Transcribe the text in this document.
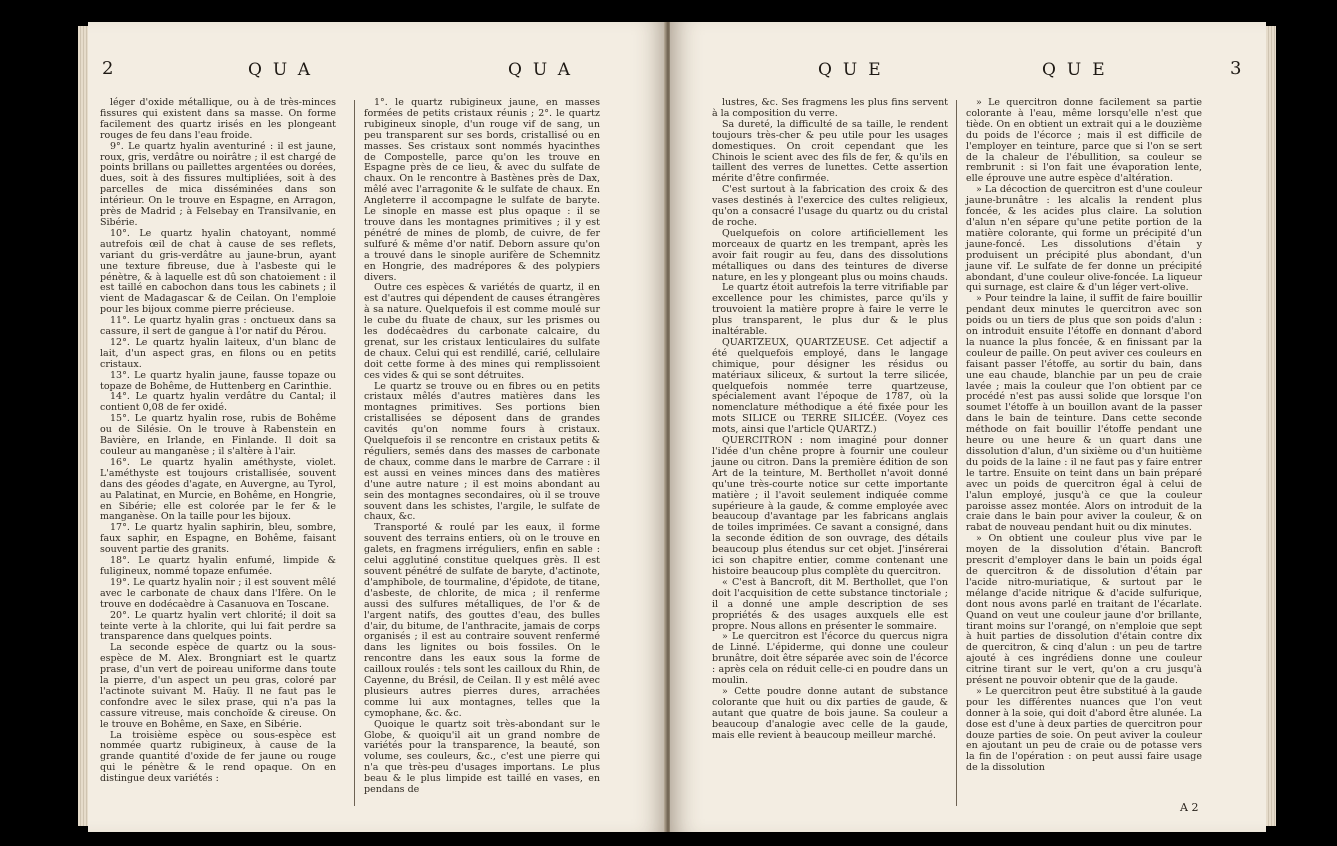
2	QUA	QUA

léger d'oxide métallique, ou à de très-minces fissures qui existent dans sa masse. On forme facilement des quartz irisés en les plongeant rouges de feu dans l'eau froide.

9°. Le quartz hyalin aventuriné : il est jaune, roux, gris, verdâtre ou noirâtre ; il est chargé de points brillans ou paillettes argentées ou dorées, dues, soit à des fissures multipliées, soit à des parcelles de mica disséminées dans son intérieur. On le trouve en Espagne, en Arragon, près de Madrid ; à Felsebay en Transilvanie, en Sibérie.

10°. Le quartz hyalin chatoyant, nommé autrefois œil de chat à cause de ses reflets, variant du gris-verdâtre au jaune-brun, ayant une texture fibreuse, due à l'asbeste qui le pénètre, & à laquelle est dû son chatoiement : il est taillé en cabochon dans tous les cabinets ; il vient de Madagascar & de Ceilan. On l'emploie pour les bijoux comme pierre précieuse.

11°. Le quartz hyalin gras : onctueux dans sa cassure, il sert de gangue à l'or natif du Pérou.

12°. Le quartz hyalin laiteux, d'un blanc de lait, d'un aspect gras, en filons ou en petits cristaux.

13°. Le quartz hyalin jaune, fausse topaze ou topaze de Bohême, de Huttenberg en Carinthie.

14°. Le quartz hyalin verdâtre du Cantal; il contient 0,08 de fer oxidé.

15°. Le quartz hyalin rose, rubis de Bohême ou de Silésie. On le trouve à Rabenstein en Bavière, en Irlande, en Finlande. Il doit sa couleur au manganèse ; il s'altère à l'air.

16°. Le quartz hyalin améthyste, violet. L'améthyste est toujours cristallisée, souvent dans des géodes d'agate, en Auvergne, au Tyrol, au Palatinat, en Murcie, en Bohême, en Hongrie, en Sibérie; elle est colorée par le fer & le manganèse. On la taille pour les bijoux.

17°. Le quartz hyalin saphirin, bleu, sombre, faux saphir, en Espagne, en Bohême, faisant souvent partie des granits.

18°. Le quartz hyalin enfumé, limpide & fuligineux, nommé topaze enfumée.

19°. Le quartz hyalin noir ; il est souvent mêlé avec le carbonate de chaux dans l'Ifère. On le trouve en dodécaèdre à Casanuova en Toscane.

20°. Le quartz hyalin vert chlorité; il doit sa teinte verte à la chlorite, qui lui fait perdre sa transparence dans quelques points.

La seconde espèce de quartz ou la sous-espèce de M. Alex. Brongniart est le quartz prase, d'un vert de poireau uniforme dans toute la pierre, d'un aspect un peu gras, coloré par l'actinote suivant M. Haüy. Il ne faut pas le confondre avec le silex prase, qui n'a pas la cassure vitreuse, mais conchoïde & cireuse. On le trouve en Bohême, en Saxe, en Sibérie.

La troisième espèce ou sous-espèce est nommée quartz rubigineux, à cause de la grande quantité d'oxide de fer jaune ou rouge qui le pénètre & le rend opaque. On en distingue deux variétés :

1°. le quartz rubigineux jaune, en masses formées de petits cristaux réunis ; 2°. le quartz rubigineux sinople, d'un rouge vif de sang, un peu transparent sur ses bords, cristallisé ou en masses. Ses cristaux sont nommés hyacinthes de Compostelle, parce qu'on les trouve en Espagne près de ce lieu, & avec du sulfate de chaux. On le rencontre à Bastènes près de Dax, mêlé avec l'arragonite & le sulfate de chaux. En Angleterre il accompagne le sulfate de baryte. Le sinople en masse est plus opaque : il se trouve dans les montagnes primitives ; il y est pénétré de mines de plomb, de cuivre, de fer sulfuré & même d'or natif. Deborn assure qu'on a trouvé dans le sinople aurifère de Schemnitz en Hongrie, des madrépores & des polypiers divers.

Outre ces espèces & variétés de quartz, il en est d'autres qui dépendent de causes étrangères à sa nature. Quelquefois il est comme moulé sur le cube du fluate de chaux, sur les prismes ou les dodécaèdres du carbonate calcaire, du grenat, sur les cristaux lenticulaires du sulfate de chaux. Celui qui est rendillé, carié, cellulaire doit cette forme à des mines qui remplissoient ces vides & qui se sont détruites.

Le quartz se trouve ou en fibres ou en petits cristaux mêlés d'autres matières dans les montagnes primitives. Ses portions bien cristallisées se déposent dans de grandes cavités qu'on nomme fours à cristaux. Quelquefois il se rencontre en cristaux petits & réguliers, semés dans des masses de carbonate de chaux, comme dans le marbre de Carrare : il est aussi en veines minces dans des matières d'une autre nature ; il est moins abondant au sein des montagnes secondaires, où il se trouve souvent dans les schistes, l'argile, le sulfate de chaux, &c.

Transporté & roulé par les eaux, il forme souvent des terrains entiers, où on le trouve en galets, en fragmens irréguliers, enfin en sable : celui agglutiné constitue quelques grès. Il est souvent pénétré de sulfate de baryte, d'actinote, d'amphibole, de tourmaline, d'épidote, de titane, d'asbeste, de chlorite, de mica ; il renferme aussi des sulfures métalliques, de l'or & de l'argent natifs, des gouttes d'eau, des bulles d'air, du bitume, de l'anthracite, jamais de corps organisés ; il est au contraire souvent renfermé dans les lignites ou bois fossiles. On le rencontre dans les eaux sous la forme de cailloux roulés : tels sont les cailloux du Rhin, de Cayenne, du Brésil, de Ceilan. Il y est mêlé avec plusieurs autres pierres dures, arrachées comme lui aux montagnes, telles que la cymophane, &c. &c.

Quoique le quartz soit très-abondant sur le Globe, & quoiqu'il ait un grand nombre de variétés pour la transparence, la beauté, son volume, ses couleurs, &c., c'est une pierre qui n'a que très-peu d'usages importans. Le plus beau & le plus limpide est taillé en vases, en pendans de

QUE	QUE	3

lustres, &c. Ses fragmens les plus fins servent à la composition du verre.

Sa dureté, la difficulté de sa taille, le rendent toujours très-cher & peu utile pour les usages domestiques. On croit cependant que les Chinois le scient avec des fils de fer, & qu'ils en taillent des verres de lunettes. Cette assertion mérite d'être confirmée.

C'est surtout à la fabrication des croix & des vases destinés à l'exercice des cultes religieux, qu'on a consacré l'usage du quartz ou du cristal de roche.

Quelquefois on colore artificiellement les morceaux de quartz en les trempant, après les avoir fait rougir au feu, dans des dissolutions métalliques ou dans des teintures de diverse nature, en les y plongeant plus ou moins chauds.

Le quartz étoit autrefois la terre vitrifiable par excellence pour les chimistes, parce qu'ils y trouvoient la matière propre à faire le verre le plus transparent, le plus dur & le plus inaltérable.

QUARTZEUX, QUARTZEUSE. Cet adjectif a été quelquefois employé, dans le langage chimique, pour désigner les résidus ou matériaux siliceux, & surtout la terre silicée, quelquefois nommée terre quartzeuse, spécialement avant l'époque de 1787, où la nomenclature méthodique a été fixée pour les mots SILICE ou TERRE SILICÉE. (Voyez ces mots, ainsi que l'article QUARTZ.)

QUERCITRON : nom imaginé pour donner l'idée d'un chêne propre à fournir une couleur jaune ou citron. Dans la première édition de son Art de la teinture, M. Berthollet n'avoit donné qu'une très-courte notice sur cette importante matière ; il l'avoit seulement indiquée comme supérieure à la gaude, & comme employée avec beaucoup d'avantage par les fabricans anglais de toiles imprimées. Ce savant a consigné, dans la seconde édition de son ouvrage, des détails beaucoup plus étendus sur cet objet. J'insérerai ici son chapitre entier, comme contenant une histoire beaucoup plus complète du quercitron.

« C'est à Bancroft, dit M. Berthollet, que l'on doit l'acquisition de cette substance tinctoriale ; il a donné une ample description de ses propriétés & des usages auxquels elle est propre. Nous allons en présenter le sommaire.

» Le quercitron est l'écorce du quercus nigra de Linné. L'épiderme, qui donne une couleur brunâtre, doit être séparée avec soin de l'écorce : après cela on réduit celle-ci en poudre dans un moulin.

» Cette poudre donne autant de substance colorante que huit ou dix parties de gaude, & autant que quatre de bois jaune. Sa couleur a beaucoup d'analogie avec celle de la gaude, mais elle revient à beaucoup meilleur marché.

» Le quercitron donne facilement sa partie colorante à l'eau, même lorsqu'elle n'est que tiède. On en obtient un extrait qui a le douzième du poids de l'écorce ; mais il est difficile de l'employer en teinture, parce que si l'on se sert de la chaleur de l'ébullition, sa couleur se rembrunit : si l'on fait une évaporation lente, elle éprouve une autre espèce d'altération.

» La décoction de quercitron est d'une couleur jaune-brunâtre : les alcalis la rendent plus foncée, & les acides plus claire. La solution d'alun n'en sépare qu'une petite portion de la matière colorante, qui forme un précipité d'un jaune-foncé. Les dissolutions d'étain y produisent un précipité plus abondant, d'un jaune vif. Le sulfate de fer donne un précipité abondant, d'une couleur olive-foncée. La liqueur qui surnage, est claire & d'un léger vert-olive.

» Pour teindre la laine, il suffit de faire bouillir pendant deux minutes le quercitron avec son poids ou un tiers de plus que son poids d'alun : on introduit ensuite l'étoffe en donnant d'abord la nuance la plus foncée, & en finissant par la couleur de paille. On peut aviver ces couleurs en faisant passer l'étoffe, au sortir du bain, dans une eau chaude, blanchie par un peu de craie lavée ; mais la couleur que l'on obtient par ce procédé n'est pas aussi solide que lorsque l'on soumet l'étoffe à un bouillon avant de la passer dans le bain de teinture. Dans cette seconde méthode on fait bouillir l'étoffe pendant une heure ou une heure & un quart dans une dissolution d'alun, d'un sixième ou d'un huitième du poids de la laine : il ne faut pas y faire entrer le tartre. Ensuite on teint dans un bain préparé avec un poids de quercitron égal à celui de l'alun employé, jusqu'à ce que la couleur paroisse assez montée. Alors on introduit de la craie dans le bain pour aviver la couleur, & on rabat de nouveau pendant huit ou dix minutes.

» On obtient une couleur plus vive par le moyen de la dissolution d'étain. Bancroft prescrit d'employer dans le bain un poids égal de quercitron & de dissolution d'étain par l'acide nitro-muriatique, & surtout par le mélange d'acide nitrique & d'acide sulfurique, dont nous avons parlé en traitant de l'écarlate. Quand on veut une couleur jaune d'or brillante, tirant moins sur l'orangé, on n'emploie que sept à huit parties de dissolution d'étain contre dix de quercitron, & cinq d'alun : un peu de tartre ajouté à ces ingrédiens donne une couleur citrine tirant sur le vert, qu'on a cru jusqu'à présent ne pouvoir obtenir que de la gaude.

» Le quercitron peut être substitué à la gaude pour les différentes nuances que l'on veut donner à la soie, qui doit d'abord être alunée. La dose est d'une à deux parties de quercitron pour douze parties de soie. On peut aviver la couleur en ajoutant un peu de craie ou de potasse vers la fin de l'opération : on peut aussi faire usage de la dissolution

A 2
